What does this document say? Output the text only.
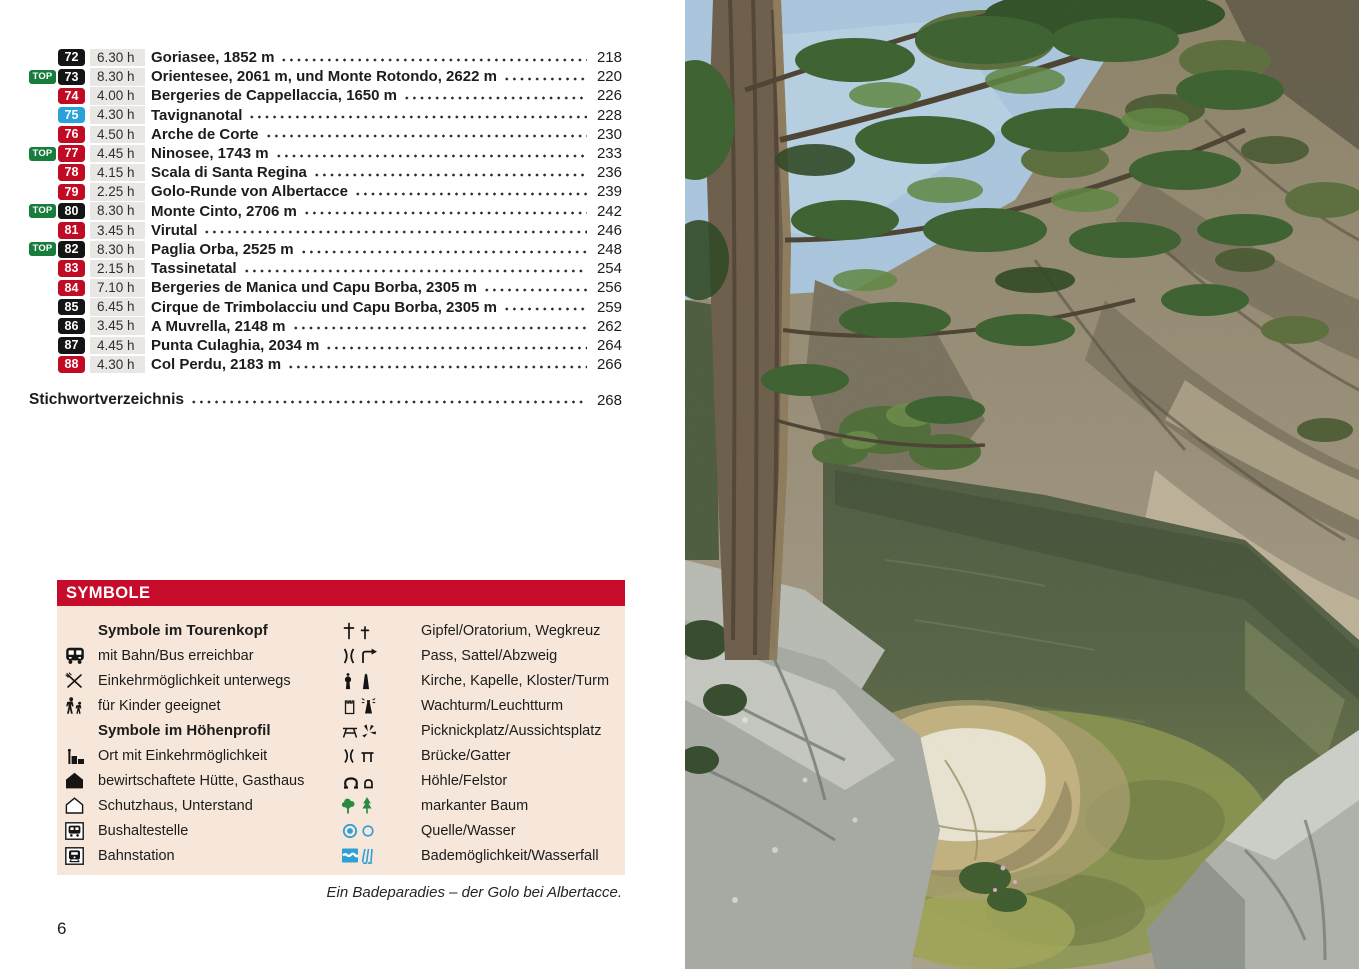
72	6.30 h	Goriasee, 1852 m	218
TOP 73	8.30 h	Orientesee, 2061 m, und Monte Rotondo, 2622 m	220
74	4.00 h	Bergeries de Cappellaccia, 1650 m	226
75	4.30 h	Tavignanotal	228
76	4.50 h	Arche de Corte	230
TOP 77	4.45 h	Ninosee, 1743 m	233
78	4.15 h	Scala di Santa Regina	236
79	2.25 h	Golo-Runde von Albertacce	239
TOP 80	8.30 h	Monte Cinto, 2706 m	242
81	3.45 h	Virutal	246
TOP 82	8.30 h	Paglia Orba, 2525 m	248
83	2.15 h	Tassinetatal	254
84	7.10 h	Bergeries de Manica und Capu Borba, 2305 m	256
85	6.45 h	Cirque de Trimbolacciu und Capu Borba, 2305 m	259
86	3.45 h	A Muvrella, 2148 m	262
87	4.45 h	Punta Culaghia, 2034 m	264
88	4.30 h	Col Perdu, 2183 m	266
Stichwortverzeichnis	268
SYMBOLE
Symbole im Tourenkopf
mit Bahn/Bus erreichbar
Einkehrmöglichkeit unterwegs
für Kinder geeignet
Symbole im Höhenprofil
Ort mit Einkehrmöglichkeit
bewirtschaftete Hütte, Gasthaus
Schutzhaus, Unterstand
Bushaltestelle
Bahnstation
Gipfel/Oratorium, Wegkreuz
Pass, Sattel/Abzweig
Kirche, Kapelle, Kloster/Turm
Wachturm/Leuchtturm
Picknickplatz/Aussichtsplatz
Brücke/Gatter
Höhle/Felstor
markanter Baum
Quelle/Wasser
Bademöglichkeit/Wasserfall
Ein Badeparadies – der Golo bei Albertacce.
6
